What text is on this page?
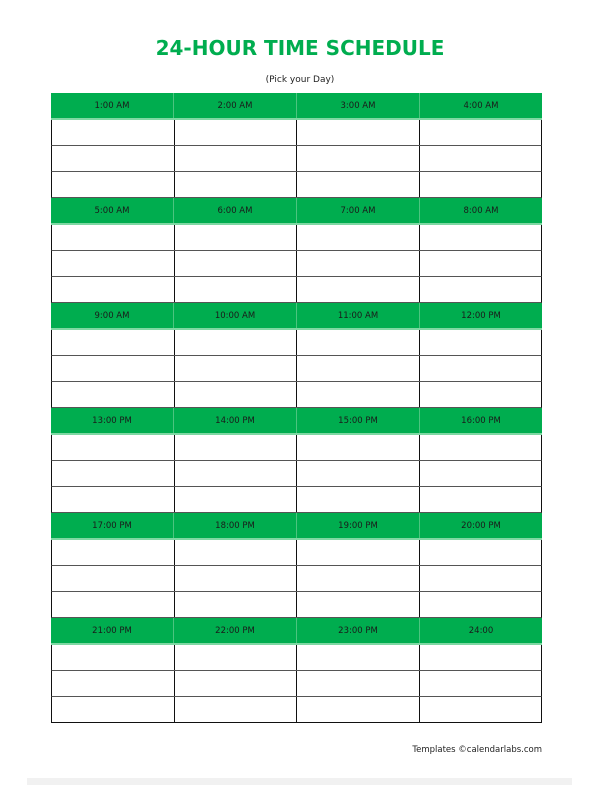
24-HOUR TIME SCHEDULE
(Pick your Day)
1:00 AM	2:00 AM	3:00 AM	4:00 AM
5:00 AM	6:00 AM	7:00 AM	8:00 AM
9:00 AM	10:00 AM	11:00 AM	12:00 PM
13:00 PM	14:00 PM	15:00 PM	16:00 PM
17:00 PM	18:00 PM	19:00 PM	20:00 PM
21:00 PM	22:00 PM	23:00 PM	24:00
Templates ©calendarlabs.com
